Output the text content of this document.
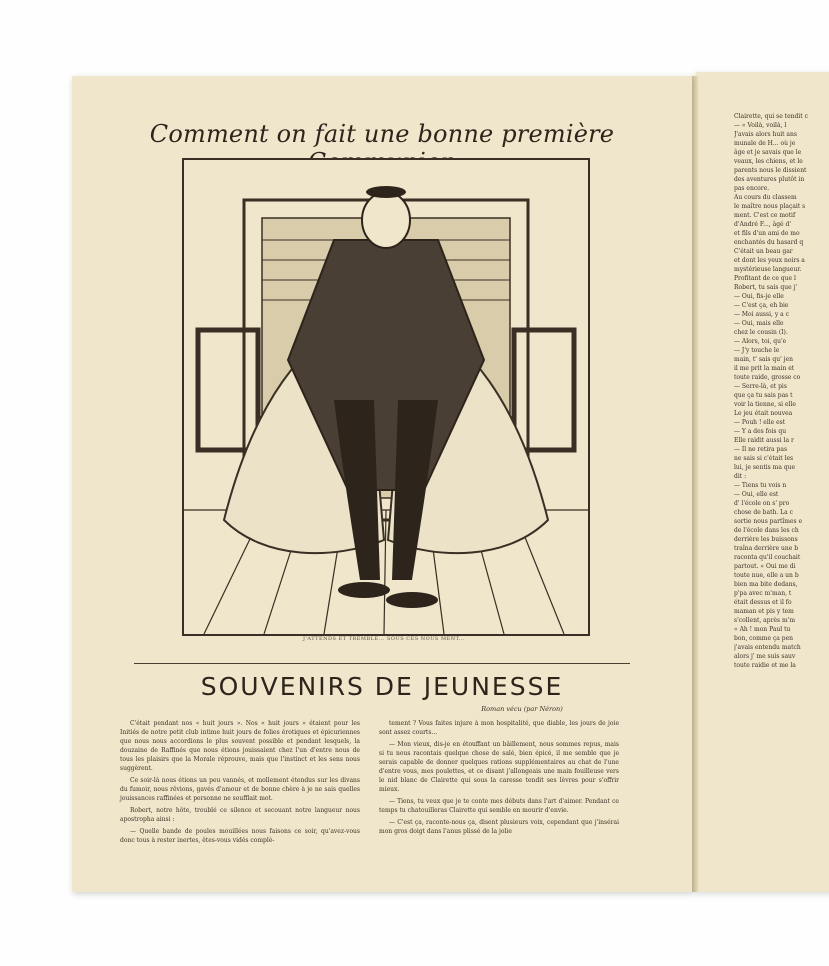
Comment on fait une bonne première
J'ATTENDS ET TREMBLE... SOUS CES NOUS MENT...
SOUVENIRS DE JEUNESSE
Roman vécu (par Néron)

C'était pendant nos « huit jours ». Nos « huit jours » étaient pour les Initiés de notre petit club intime huit jours de folies érotiques et épicuriennes que nous nous accordions le plus souvent possible et pendant lesquels, la douzaine de Raffinés que nous étions jouissaient chez l'un d'entre nous de tous les plaisirs que la Morale réprouve, mais que l'instinct et les sens nous suggèrent.

Ce soir-là nous étions un peu vannés, et mollement étendus sur les divans du fumoir, nous rêvions, gavés d'amour et de bonne chère à je ne sais quelles jouissances raffinées et personne ne soufflait mot.

Robert, notre hôte, troublé ce silence et secouant notre langueur nous apostropha ainsi :

— Quelle bande de poules mouillées nous faisons ce soir, qu'avez-vous donc tous à rester inertes, êtes-vous vidés complè-

tement ? Vous faites injure à mon hospitalité, que diable, les jours de joie sont assez courts...

— Mon vieux, dis-je en étouffant un bâillement, nous sommes repus, mais si tu nous racontais quelque chose de salé, bien épicé, il me semble que je serais capable de donner quelques rations supplémentaires au chat de l'une d'entre vous, mes poulettes, et ce disant j'allongeais une main fouilleuse vers le nid blanc de Clairette qui sous la caresse tendit ses lèvres pour s'offrir mieux.

— Tiens, tu veux que je te conte mes débuts dans l'art d'aimer. Pendant ce temps tu chatouilleras Clairette qui semble en mourir d'envie.

— C'est ça, raconte-nous ça, disent plusieurs voix, cependant que j'insérai mon gros doigt dans l'anus plissé de la jolie

Clairette, qui se tendit c
— « Voilà, voilà, l
J'avais alors huit ans
munale de H... où je
âge et je savais que le
veaux, les chiens, et le
parents nous le dissient
des aventures plutôt in
pas encore.
Au cours du classem
le maître nous plaçait s
ment. C'est ce motif
d'André F..., âgé d'
et fils d'un ami de mo
enchantés du hasard q
C'était un beau gar
et dont les yeux noirs a
mystérieuse langueur.
Profitant de ce que l
Robert, tu sais que j'
— Oui, fis-je elle
— C'est ça, eh bie
— Moi aussi, y a c
— Oui, mais elle
chez le cousin (I).
— Alors, toi, qu'e
— J'y touche le
main, t' sais qu' jen
il me prit la main et
toute raide, grosse co
— Serre-là, et pis
que ça tu sais pas t
voir la tienne, si elle
Le jeu était nouvea
— Pouh ! elle est
— Y a des fois qu
Elle raidit aussi la r
— Il ne retira pas
ne sais si c'était les
lui, je sentis ma que
dit :
— Tiens tu vois n
— Oui, elle est
d' l'école on s' pro
chose de bath. La c
sortie nous partîmes e
de l'école dans les ch
derrière les buissons
traîna derrière une b
raconta qu'il couchait
partout. « Oui me di
toute nue, elle a un b
bien ma bite dedans,
p'pa avec m'man, t
était dessus et il fo
maman et pis y tem
s'collent, après m'm
« Ah ! mon Paul tu
bon, comme ça pen
j'avais entendu match
alors j' me suis sauv
toute raidie et me la
